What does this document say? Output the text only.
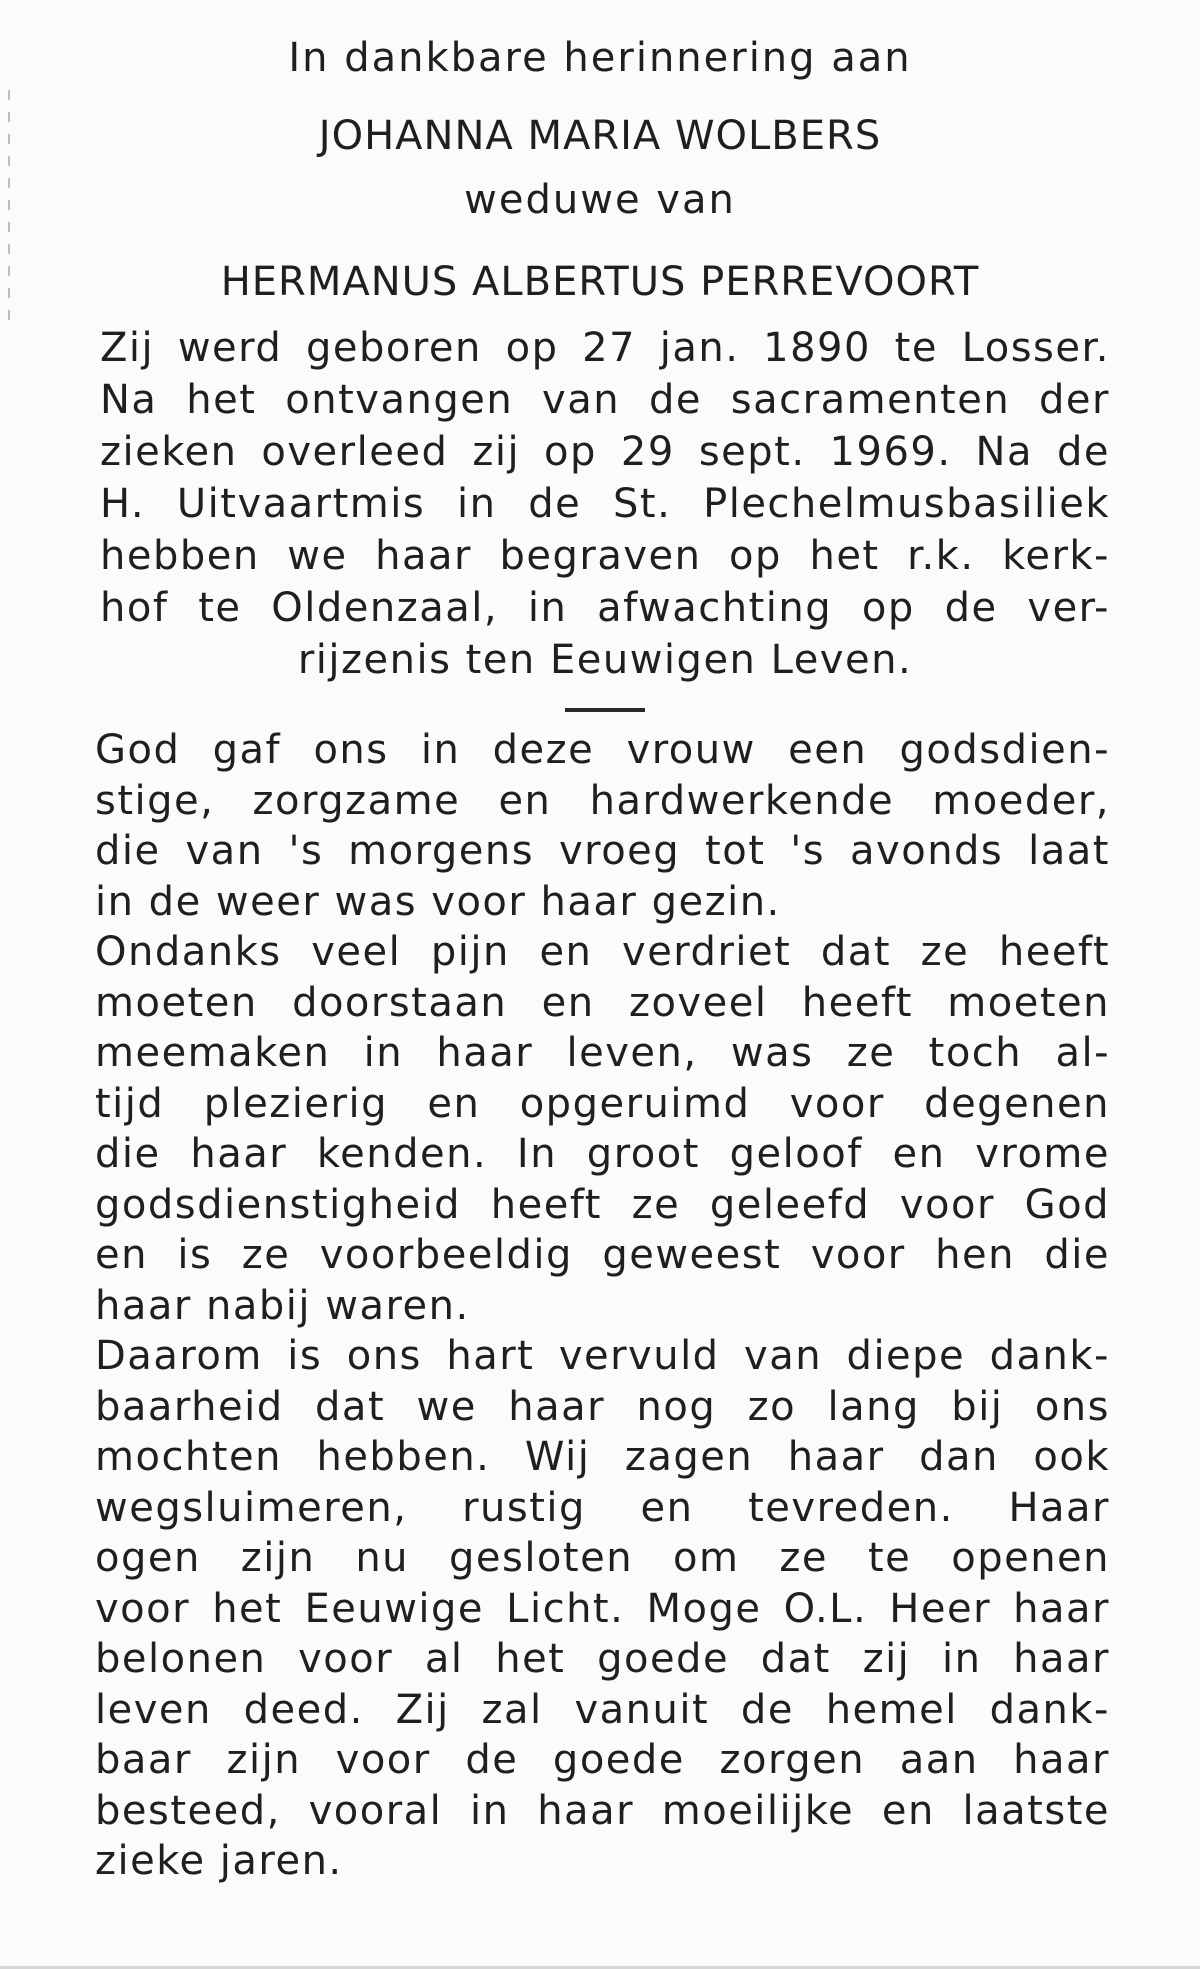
In dankbare herinnering aan
JOHANNA MARIA WOLBERS
weduwe van
HERMANUS ALBERTUS PERREVOORT
Zij werd geboren op 27 jan. 1890 te Losser.
Na het ontvangen van de sacramenten der
zieken overleed zij op 29 sept. 1969. Na de
H. Uitvaartmis in de St. Plechelmusbasiliek
hebben we haar begraven op het r.k. kerk-
hof te Oldenzaal, in afwachting op de ver-
rijzenis ten Eeuwigen Leven.
God gaf ons in deze vrouw een godsdien-
stige, zorgzame en hardwerkende moeder,
die van 's morgens vroeg tot 's avonds laat
in de weer was voor haar gezin.
Ondanks veel pijn en verdriet dat ze heeft
moeten doorstaan en zoveel heeft moeten
meemaken in haar leven, was ze toch al-
tijd plezierig en opgeruimd voor degenen
die haar kenden. In groot geloof en vrome
godsdienstigheid heeft ze geleefd voor God
en is ze voorbeeldig geweest voor hen die
haar nabij waren.
Daarom is ons hart vervuld van diepe dank-
baarheid dat we haar nog zo lang bij ons
mochten hebben. Wij zagen haar dan ook
wegsluimeren, rustig en tevreden. Haar
ogen zijn nu gesloten om ze te openen
voor het Eeuwige Licht. Moge O.L. Heer haar
belonen voor al het goede dat zij in haar
leven deed. Zij zal vanuit de hemel dank-
baar zijn voor de goede zorgen aan haar
besteed, vooral in haar moeilijke en laatste
zieke jaren.
